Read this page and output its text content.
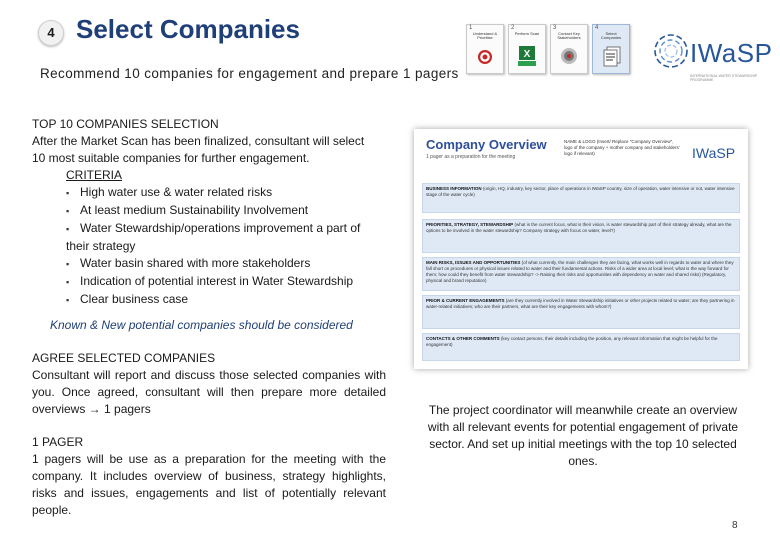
4 Select Companies
Recommend 10 companies for engagement and prepare 1 pagers
1
Understand & Prioritise
2
Perform Scan
X
3
Contact Key Stakeholders
4
Select Companies
IWaSP
INTERNATIONAL WATER STEWARDSHIP PROGRAMME
TOP 10 COMPANIES SELECTION
After the Market Scan has been finalized, consultant will select
10 most suitable companies for further engagement.
CRITERIA
▪ High water use & water related risks
▪ At least medium Sustainability Involvement
▪ Water Stewardship/operations improvement a part of
their strategy
▪ Water basin shared with more stakeholders
▪ Indication of potential interest in Water Stewardship
▪ Clear business case
Known & New potential companies should be considered
AGREE SELECTED COMPANIES
Consultant will report and discuss those selected companies with you. Once agreed, consultant will then prepare more detailed overviews → 1 pagers
1 PAGER
1 pagers will be use as a preparation for the meeting with the company. It includes overview of business, strategy highlights, risks and issues, engagements and list of potentially relevant people.
Company Overview
1 pager as a preparation for the meeting
NAME & LOGO (Insert/ Replace "Company Overview", logo of the company + mother company and stakeholders' logo if relevant)	IWaSP
BUSINESS INFORMATION (origin, HQ, industry, key sector, place of operations in IWaSP country, size of operation, water intensive or not, water intensive stage of the water cycle)
PRIORITIES, STRATEGY, STEWARDSHIP (what is the current focus, what is their vision, is water stewardship part of their strategy already, what are the options to be involved in the water stewardship? Company strategy with focus on water, level?)
MAIN RISKS, ISSUES AND OPPORTUNITIES (of what currently, the main challenges they are facing, what works well in regards to water and where they fall short on procedures or physical issues related to water and their fundamental actions. Risks of a wider area at local level; what is the way forward for them; how could they benefit from water stewardship? -> Raising their risks and opportunities with dependency on water and shared risks) (Regulatory, physical and brand reputation)
PRIOR & CURRENT ENGAGEMENTS (are they currently involved in Water Stewardship initiatives or other projects related to water; are they partnering in water-related initiatives; who are their partners, what are their key engagements with whom?)
CONTACTS & OTHER COMMENTS (key contact persons, their details including the position, any relevant information that might be helpful for the engagement)
The project coordinator will meanwhile create an overview with all relevant events for potential engagement of private sector. And set up initial meetings with the top 10 selected ones.
8
